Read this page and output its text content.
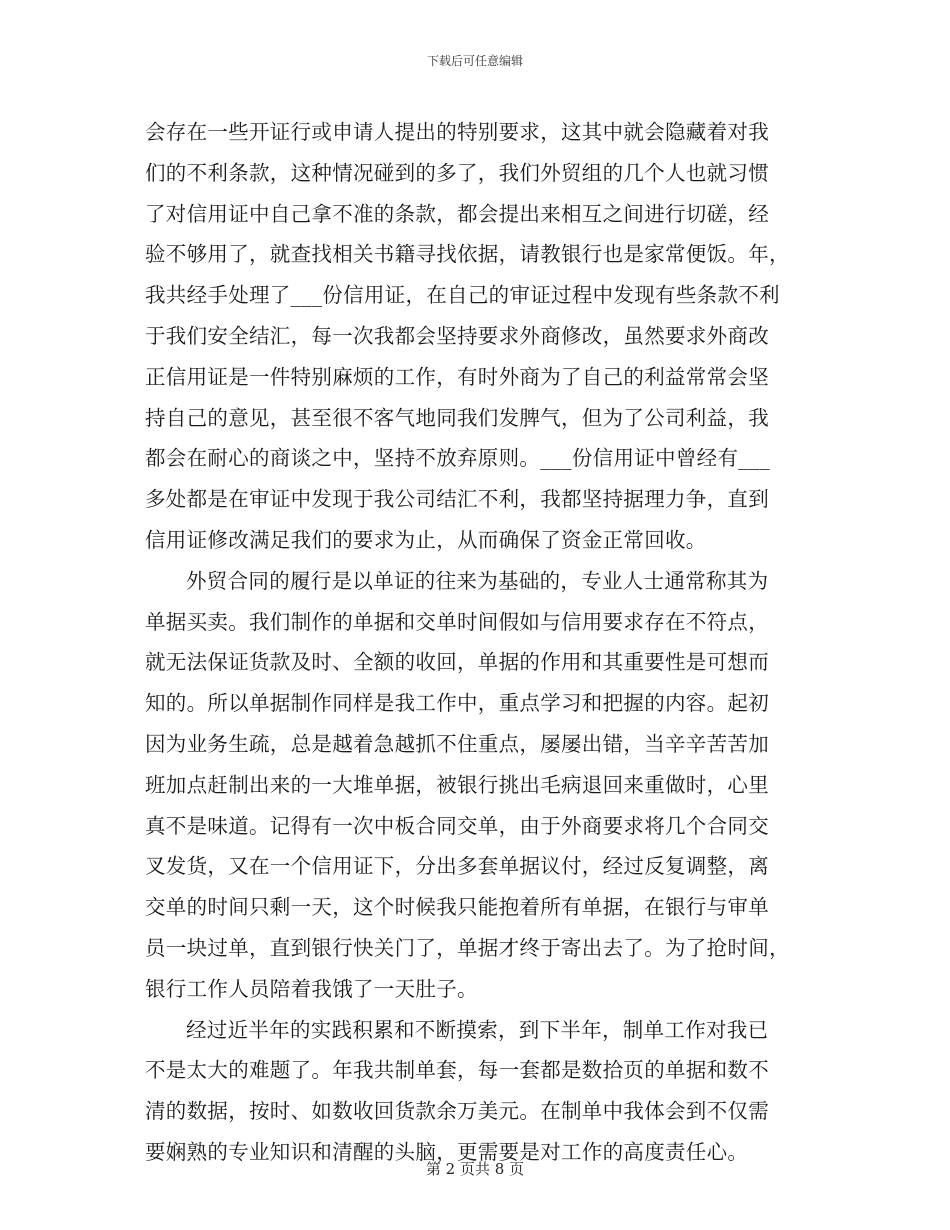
下载后可任意编辑
会存在一些开证行或申请人提出的特别要求，这其中就会隐藏着对我
们的不利条款，这种情况碰到的多了，我们外贸组的几个人也就习惯
了对信用证中自己拿不准的条款，都会提出来相互之间进行切磋，经
验不够用了，就查找相关书籍寻找依据，请教银行也是家常便饭。年，
我共经手处理了___份信用证，在自己的审证过程中发现有些条款不利
于我们安全结汇，每一次我都会坚持要求外商修改，虽然要求外商改
正信用证是一件特别麻烦的工作，有时外商为了自己的利益常常会坚
持自己的意见，甚至很不客气地同我们发脾气，但为了公司利益，我
都会在耐心的商谈之中，坚持不放弃原则。___份信用证中曾经有___
多处都是在审证中发现于我公司结汇不利，我都坚持据理力争，直到
信用证修改满足我们的要求为止，从而确保了资金正常回收。
外贸合同的履行是以单证的往来为基础的，专业人士通常称其为
单据买卖。我们制作的单据和交单时间假如与信用要求存在不符点，
就无法保证货款及时、全额的收回，单据的作用和其重要性是可想而
知的。所以单据制作同样是我工作中，重点学习和把握的内容。起初
因为业务生疏，总是越着急越抓不住重点，屡屡出错，当辛辛苦苦加
班加点赶制出来的一大堆单据，被银行挑出毛病退回来重做时，心里
真不是味道。记得有一次中板合同交单，由于外商要求将几个合同交
叉发货，又在一个信用证下，分出多套单据议付，经过反复调整，离
交单的时间只剩一天，这个时候我只能抱着所有单据，在银行与审单
员一块过单，直到银行快关门了，单据才终于寄出去了。为了抢时间，
银行工作人员陪着我饿了一天肚子。
经过近半年的实践积累和不断摸索，到下半年，制单工作对我已
不是太大的难题了。年我共制单套，每一套都是数拾页的单据和数不
清的数据，按时、如数收回货款余万美元。在制单中我体会到不仅需
要娴熟的专业知识和清醒的头脑，更需要是对工作的高度责任心。
第 2 页共 8 页
